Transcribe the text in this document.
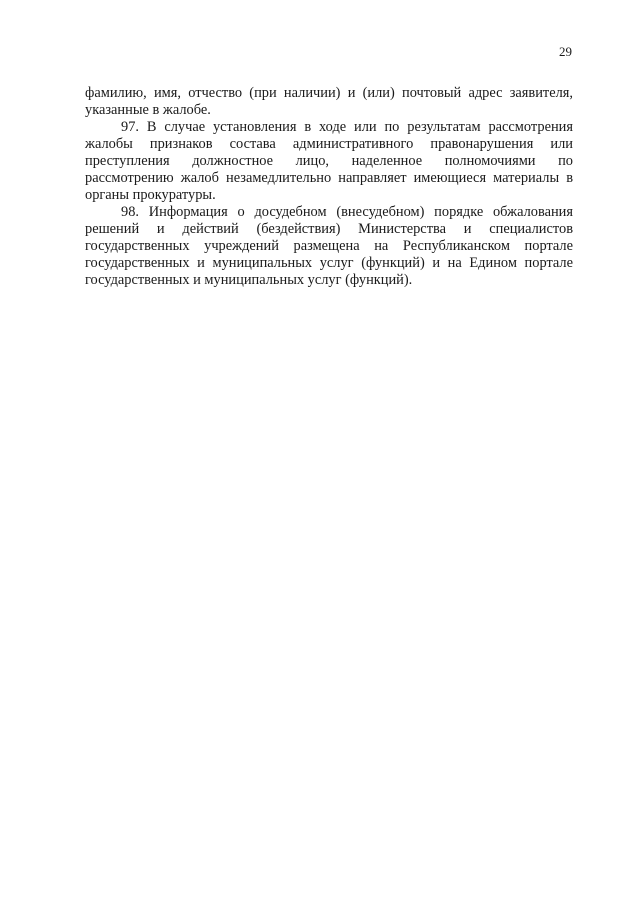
29
фамилию, имя, отчество (при наличии) и (или) почтовый адрес заявителя,
указанные в жалобе.
97. В случае установления в ходе или по результатам рассмотрения
жалобы признаков состава административного правонарушения или
преступления должностное лицо, наделенное полномочиями по
рассмотрению жалоб незамедлительно направляет имеющиеся материалы в
органы прокуратуры.
98. Информация о досудебном (внесудебном) порядке обжалования
решений и действий (бездействия) Министерства и специалистов
государственных учреждений размещена на Республиканском портале
государственных и муниципальных услуг (функций) и на Едином портале
государственных и муниципальных услуг (функций).
